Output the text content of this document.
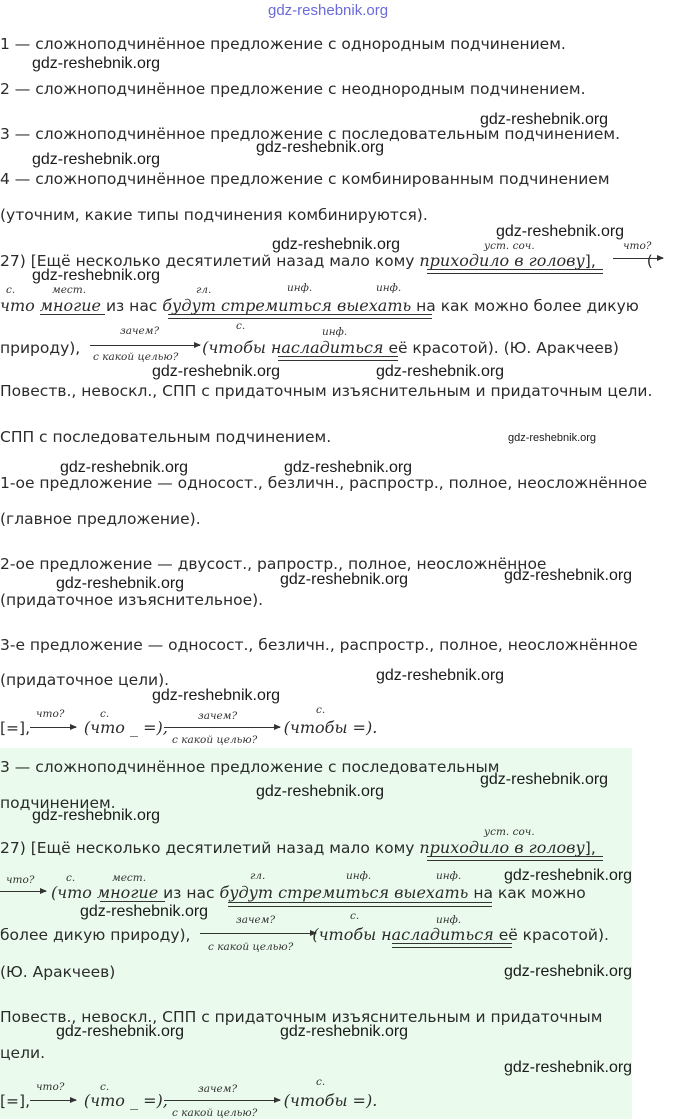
gdz-reshebnik.org
1 — сложноподчинённое предложение с однородным подчинением.
2 — сложноподчинённое предложение с неоднородным подчинением.
3 — сложноподчинённое предложение с последовательным подчинением.
4 — сложноподчинённое предложение с комбинированным подчинением
(уточним, какие типы подчинения комбинируются).
27) [Ещё несколько десятилетий назад мало кому приходило в голову],	(
уст. соч.	что?
что многие из нас будут стремиться выехать на как можно более дикую
с.	мест.	гл.	инф.	инф.
природу),	(чтобы насладиться её красотой). (Ю. Аракчеев)
зачем?
с какой целью?
с.	инф.
Повеств., невоскл., СПП с придаточным изъяснительным и придаточным цели.
СПП с последовательным подчинением.
1-ое предложение — односост., безличн., распростр., полное, неосложнённое
(главное предложение).
2-ое предложение — двусост., рапростр., полное, неосложнённое
(придаточное изъяснительное).
3-е предложение — односост., безличн., распростр., полное, неосложнённое
(придаточное цели).
[=],	(что _ =),	(чтобы =).
что?	с.	зачем?
с какой целью?
с.
3 — сложноподчинённое предложение с последовательным
подчинением.
27) [Ещё несколько десятилетий назад мало кому приходило в голову],
уст. соч.
(что многие из нас будут стремиться выехать на как можно
что?	с.	мест.	гл.	инф.	инф.
более дикую природу),	(чтобы насладиться её красотой).
зачем?
с какой целью?
с.	инф.
(Ю. Аракчеев)
Повеств., невоскл., СПП с придаточным изъяснительным и придаточным
цели.
[=],	(что _ =),	(чтобы =).
что?	с.	зачем?
с какой целью?
с.
gdz-reshebnik.org
gdz-reshebnik.org
gdz-reshebnik.org
gdz-reshebnik.org
gdz-reshebnik.org
gdz-reshebnik.org
gdz-reshebnik.org
gdz-reshebnik.org	gdz-reshebnik.org
gdz-reshebnik.org	gdz-reshebnik.org
gdz-reshebnik.org
gdz-reshebnik.org	gdz-reshebnik.org	gdz-reshebnik.org
gdz-reshebnik.org
gdz-reshebnik.org
gdz-reshebnik.org
gdz-reshebnik.org
gdz-reshebnik.org
gdz-reshebnik.org
gdz-reshebnik.org
gdz-reshebnik.org
gdz-reshebnik.org	gdz-reshebnik.org
gdz-reshebnik.org
